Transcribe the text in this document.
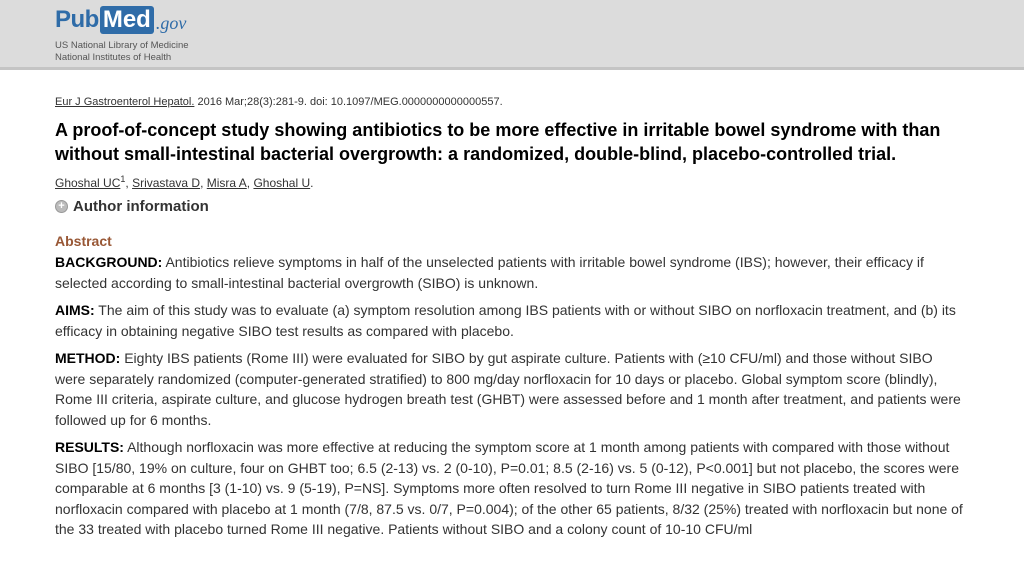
Pub Med .gov
US National Library of Medicine
National Institutes of Health
Eur J Gastroenterol Hepatol. 2016 Mar;28(3):281-9. doi: 10.1097/MEG.0000000000000557.
A proof-of-concept study showing antibiotics to be more effective in irritable bowel syndrome with than without small-intestinal bacterial overgrowth: a randomized, double-blind, placebo-controlled trial.
Ghoshal $UC^1$, Srivastava D, Misra A, Ghoshal U.
+ Author information
Abstract

BACKGROUND: Antibiotics relieve symptoms in half of the unselected patients with irritable bowel syndrome (IBS); however, their efficacy if selected according to small-intestinal bacterial overgrowth (SIBO) is unknown.

AIMS: The aim of this study was to evaluate (a) symptom resolution among IBS patients with or without SIBO on norfloxacin treatment, and (b) its efficacy in obtaining negative SIBO test results as compared with placebo.

METHOD: Eighty IBS patients (Rome III) were evaluated for SIBO by gut aspirate culture. Patients with (≥10 CFU/ml) and those without SIBO were separately randomized (computer-generated stratified) to 800 mg/day norfloxacin for 10 days or placebo. Global symptom score (blindly), Rome III criteria, aspirate culture, and glucose hydrogen breath test (GHBT) were assessed before and 1 month after treatment, and patients were followed up for 6 months.

RESULTS: Although norfloxacin was more effective at reducing the symptom score at 1 month among patients with compared with those without SIBO [15/80, 19% on culture, four on GHBT too; 6.5 (2-13) vs. 2 (0-10), P=0.01; 8.5 (2-16) vs. 5 (0-12), P<0.001] but not placebo, the scores were comparable at 6 months [3 (1-10) vs. 9 (5-19), P=NS]. Symptoms more often resolved to turn Rome III negative in SIBO patients treated with norfloxacin compared with placebo at 1 month (7/8, 87.5 vs. 0/7, P=0.004); of the other 65 patients, 8/32 (25%) treated with norfloxacin but none of the 33 treated with placebo turned Rome III negative. Patients without SIBO and a colony count of 10-10 CFU/ml
